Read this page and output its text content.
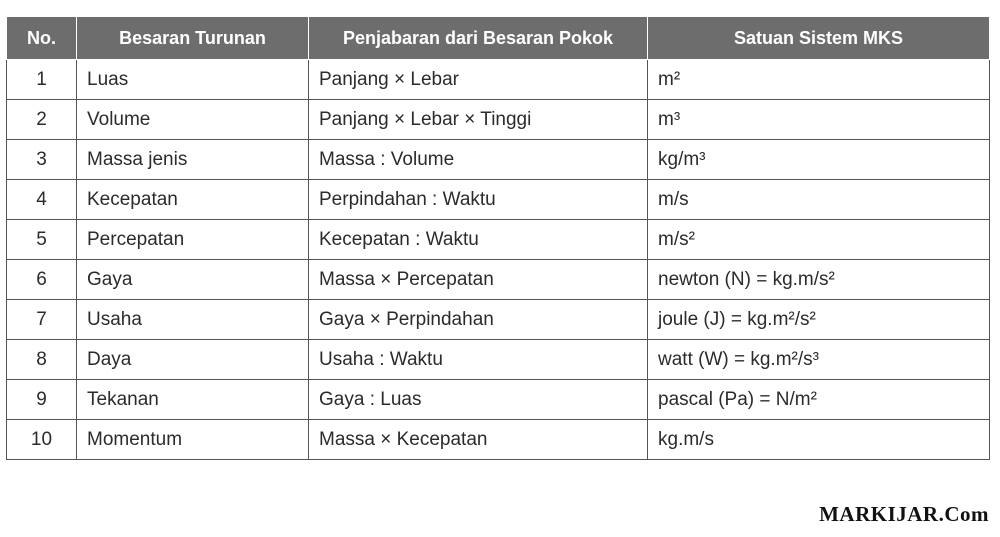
No.	Besaran Turunan	Penjabaran dari Besaran Pokok	Satuan Sistem MKS
1	Luas	Panjang × Lebar	m²
2	Volume	Panjang × Lebar × Tinggi	m³
3	Massa jenis	Massa : Volume	kg/m³
4	Kecepatan	Perpindahan : Waktu	m/s
5	Percepatan	Kecepatan : Waktu	m/s²
6	Gaya	Massa × Percepatan	newton (N) = kg.m/s²
7	Usaha	Gaya × Perpindahan	joule (J) = kg.m²/s²
8	Daya	Usaha : Waktu	watt (W) = kg.m²/s³
9	Tekanan	Gaya : Luas	pascal (Pa) = N/m²
10	Momentum	Massa × Kecepatan	kg.m/s
MARKIJAR.Com
